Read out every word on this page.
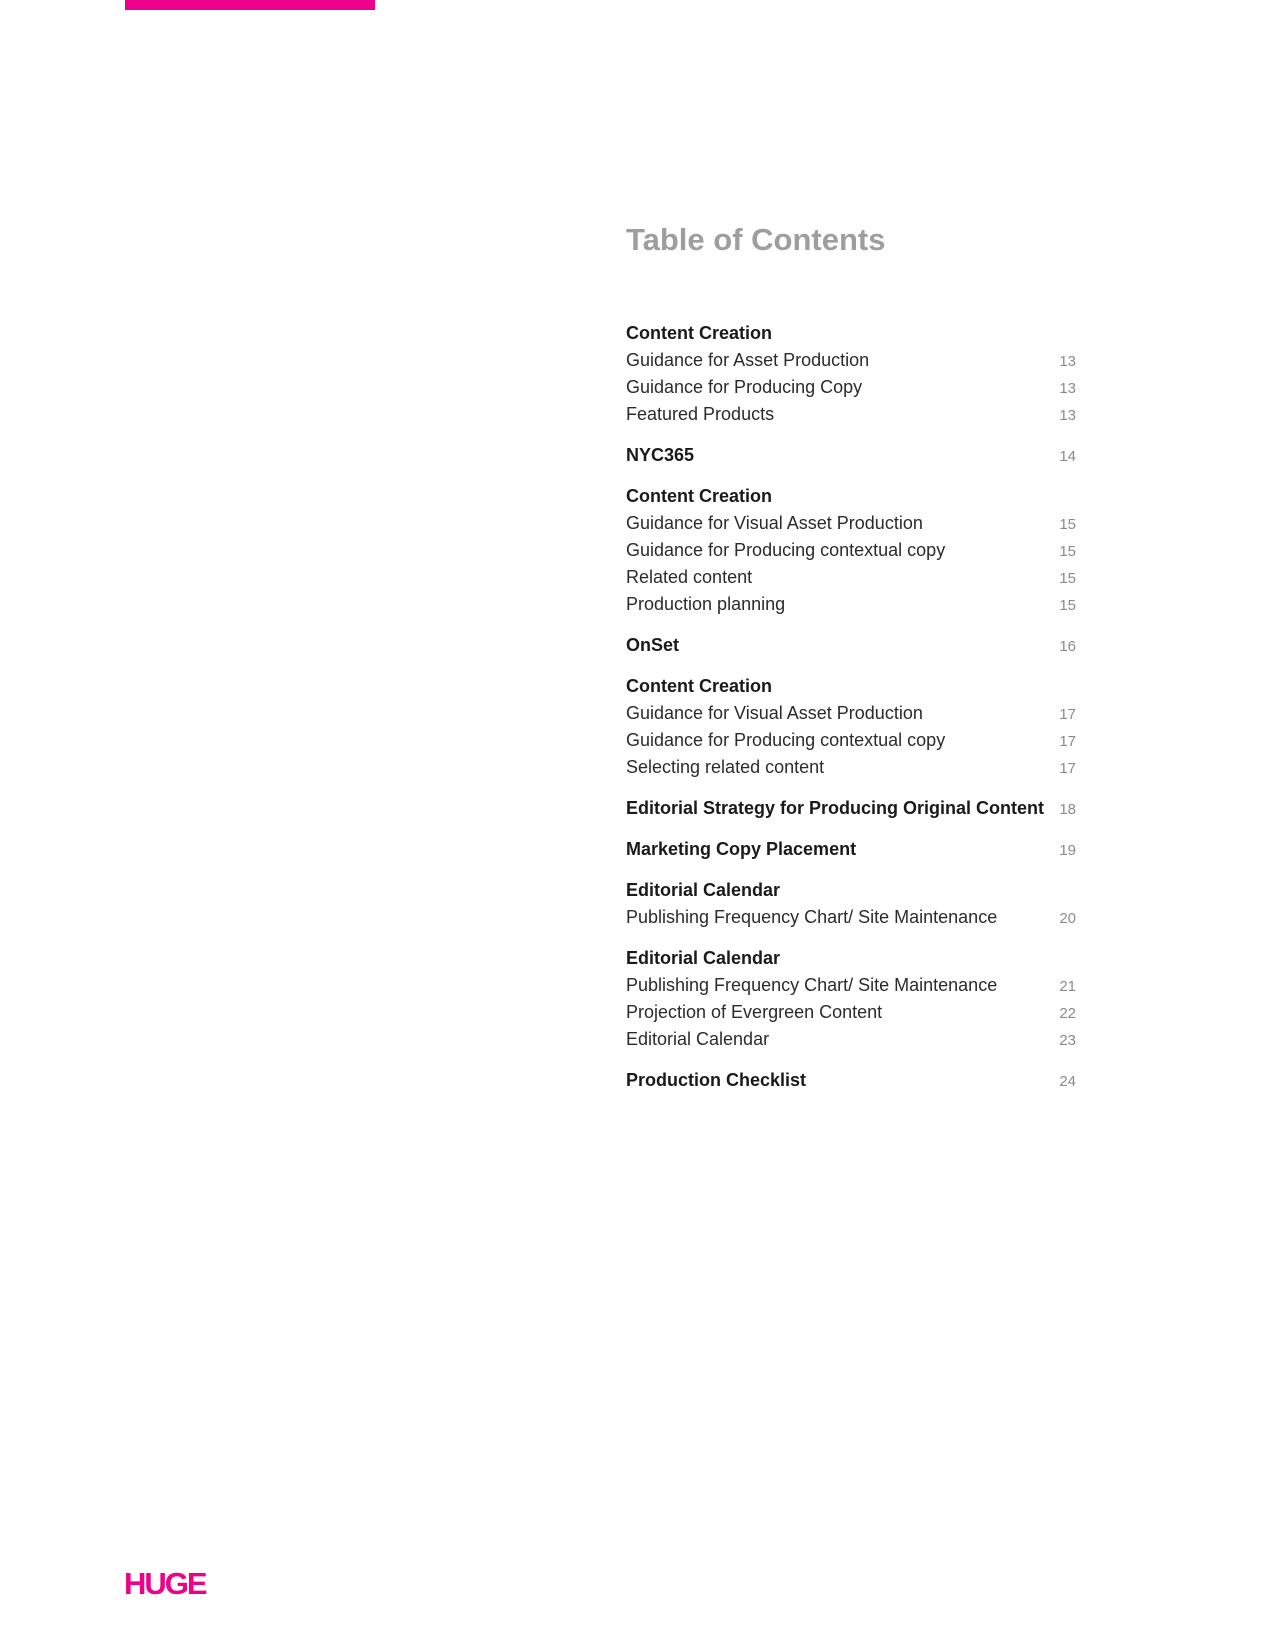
Table of Contents
Content Creation
Guidance for Asset Production	13
Guidance for Producing Copy	13
Featured Products	13
NYC365	14
Content Creation
Guidance for Visual Asset Production	15
Guidance for Producing contextual copy	15
Related content	15
Production planning	15
OnSet	16
Content Creation
Guidance for Visual Asset Production	17
Guidance for Producing contextual copy	17
Selecting related content	17
Editorial Strategy for Producing Original Content	18
Marketing Copy Placement	19
Editorial Calendar
Publishing Frequency Chart/ Site Maintenance	20
Editorial Calendar
Publishing Frequency Chart/ Site Maintenance	21
Projection of Evergreen Content	22
Editorial Calendar	23
Production Checklist	24
HUGE
